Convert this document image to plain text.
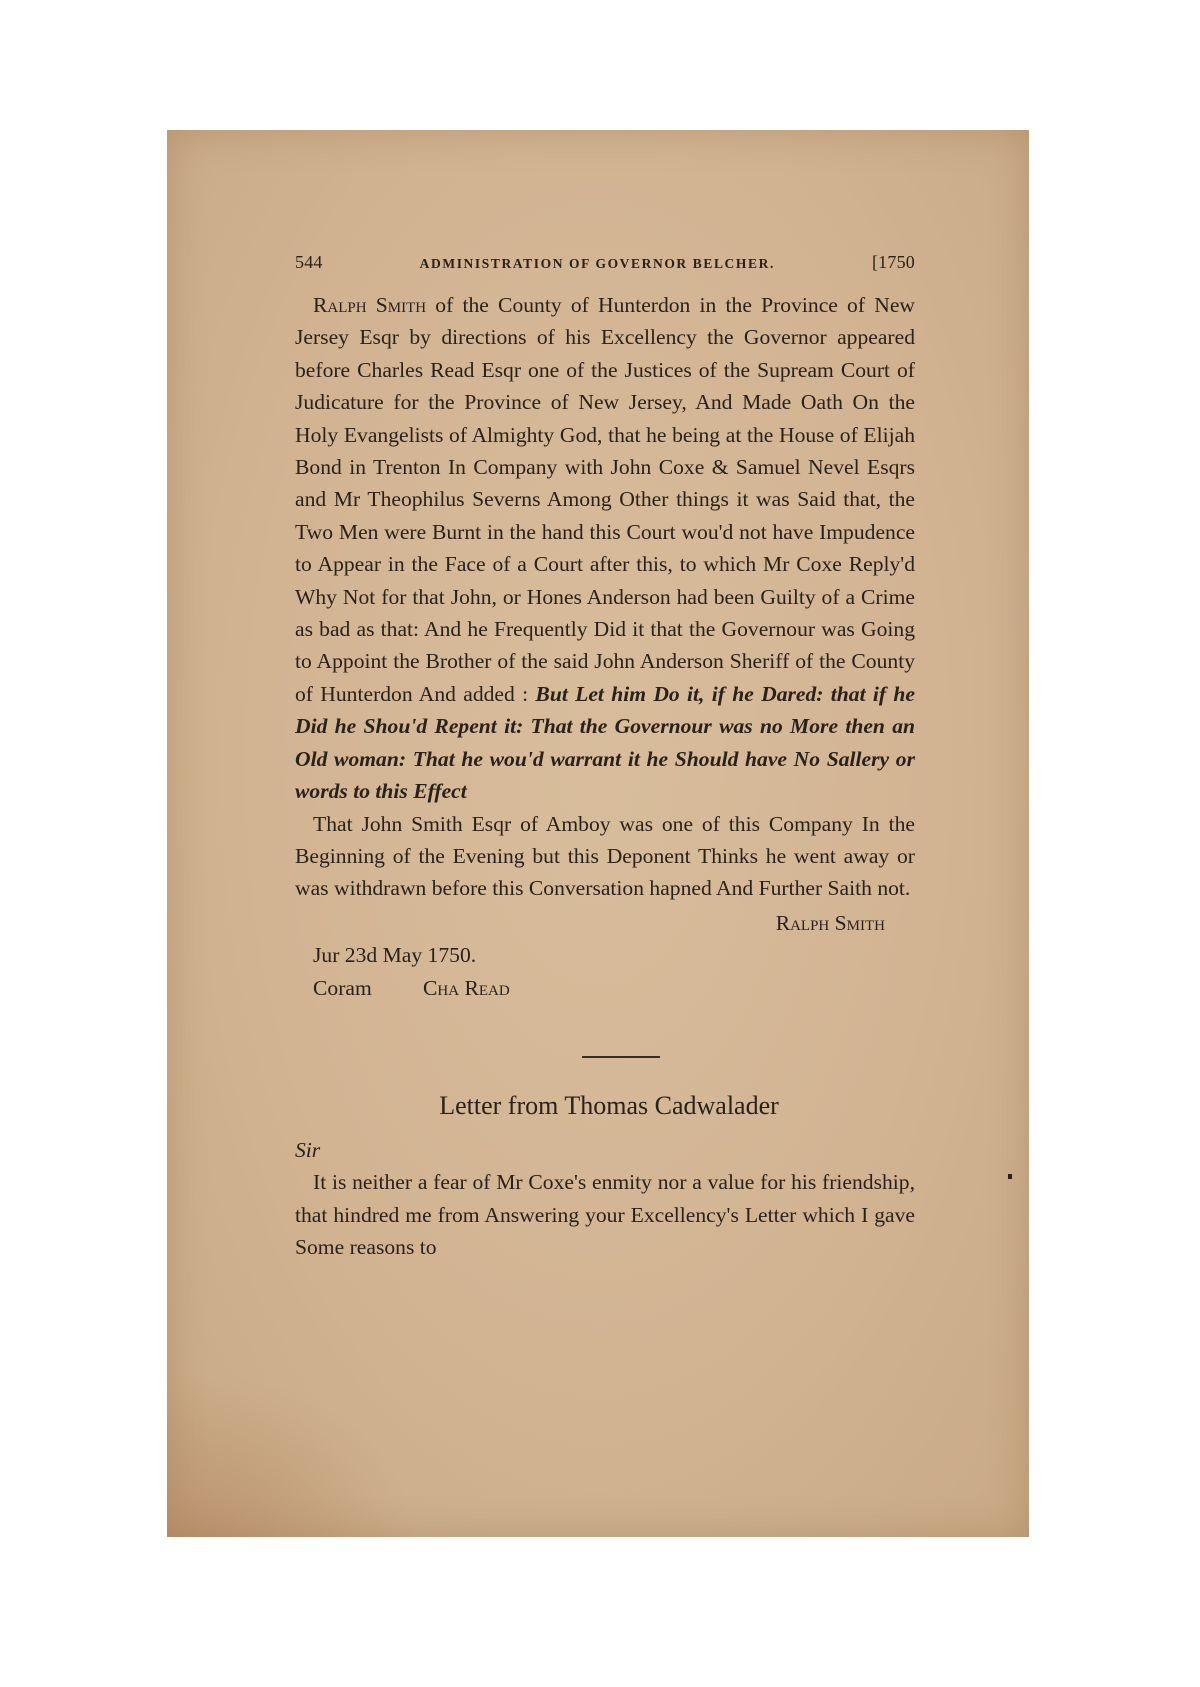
544	ADMINISTRATION OF GOVERNOR BELCHER.	[1750

Ralph Smith of the County of Hunterdon in the Province of New Jersey Esqr by directions of his Excellency the Governor appeared before Charles Read Esqr one of the Justices of the Supream Court of Judicature for the Province of New Jersey, And Made Oath On the Holy Evangelists of Almighty God, that he being at the House of Elijah Bond in Trenton In Company with John Coxe & Samuel Nevel Esqrs and Mr Theophilus Severns Among Other things it was Said that, the Two Men were Burnt in the hand this Court wou'd not have Impudence to Appear in the Face of a Court after this, to which Mr Coxe Reply'd Why Not for that John, or Hones Anderson had been Guilty of a Crime as bad as that: And he Frequently Did it that the Governour was Going to Appoint the Brother of the said John Anderson Sheriff of the County of Hunterdon And added : But Let him Do it, if he Dared: that if he Did he Shou'd Repent it: That the Governour was no More then an Old woman: That he wou'd warrant it he Should have No Sallery or words to this Effect

That John Smith Esqr of Amboy was one of this Company In the Beginning of the Evening but this Deponent Thinks he went away or was withdrawn before this Conversation hapned And Further Saith not.

Ralph Smith
Jur 23d May 1750.
Coram	Cha Read
Letter from Thomas Cadwalader
Sir

It is neither a fear of Mr Coxe's enmity nor a value for his friendship, that hindred me from Answering your Excellency's Letter which I gave Some reasons to
